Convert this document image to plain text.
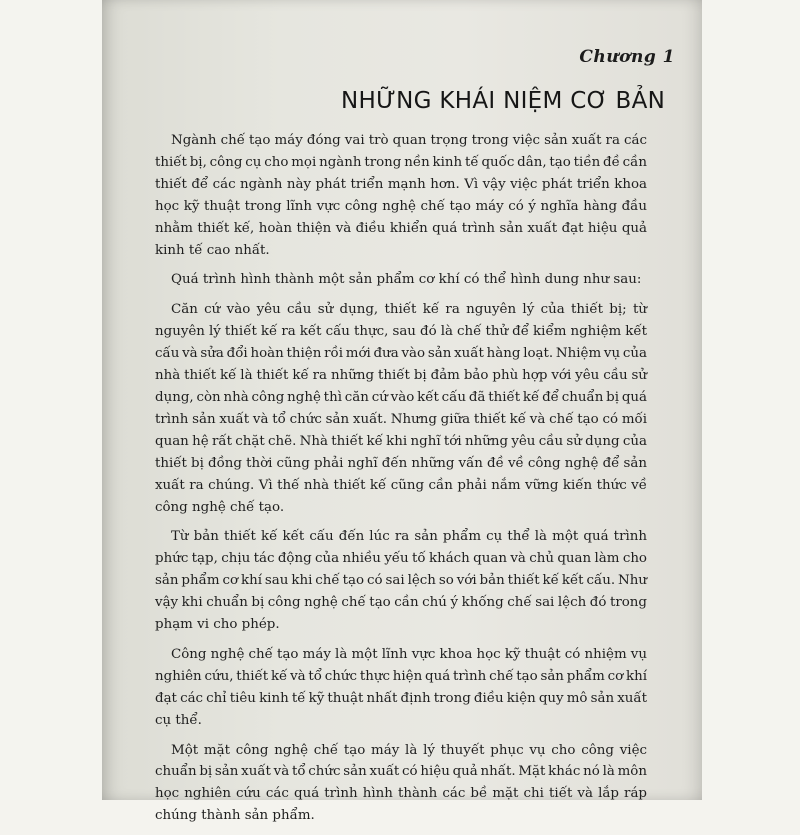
Chương 1
NHỮNG KHÁI NIỆM CƠ BẢN
Ngành chế tạo máy đóng vai trò quan trọng trong việc sản xuất ra các
thiết bị, công cụ cho mọi ngành trong nền kinh tế quốc dân, tạo tiền đề cần
thiết để các ngành này phát triển mạnh hơn. Vì vậy việc phát triển khoa
học kỹ thuật trong lĩnh vực công nghệ chế tạo máy có ý nghĩa hàng đầu
nhằm thiết kế, hoàn thiện và điều khiển quá trình sản xuất đạt hiệu quả
kinh tế cao nhất.
Quá trình hình thành một sản phẩm cơ khí có thể hình dung như sau:
Căn cứ vào yêu cầu sử dụng, thiết kế ra nguyên lý của thiết bị; từ
nguyên lý thiết kế ra kết cấu thực, sau đó là chế thử để kiểm nghiệm kết
cấu và sửa đổi hoàn thiện rồi mới đưa vào sản xuất hàng loạt. Nhiệm vụ của
nhà thiết kế là thiết kế ra những thiết bị đảm bảo phù hợp với yêu cầu sử
dụng, còn nhà công nghệ thì căn cứ vào kết cấu đã thiết kế để chuẩn bị quá
trình sản xuất và tổ chức sản xuất. Nhưng giữa thiết kế và chế tạo có mối
quan hệ rất chặt chẽ. Nhà thiết kế khi nghĩ tới những yêu cầu sử dụng của
thiết bị đồng thời cũng phải nghĩ đến những vấn đề về công nghệ để sản
xuất ra chúng. Vì thế nhà thiết kế cũng cần phải nắm vững kiến thức về
công nghệ chế tạo.
Từ bản thiết kế kết cấu đến lúc ra sản phẩm cụ thể là một quá trình
phức tạp, chịu tác động của nhiều yếu tố khách quan và chủ quan làm cho
sản phẩm cơ khí sau khi chế tạo có sai lệch so với bản thiết kế kết cấu. Như
vậy khi chuẩn bị công nghệ chế tạo cần chú ý khống chế sai lệch đó trong
phạm vi cho phép.
Công nghệ chế tạo máy là một lĩnh vực khoa học kỹ thuật có nhiệm vụ
nghiên cứu, thiết kế và tổ chức thực hiện quá trình chế tạo sản phẩm cơ khí
đạt các chỉ tiêu kinh tế kỹ thuật nhất định trong điều kiện quy mô sản xuất
cụ thể.
Một mặt công nghệ chế tạo máy là lý thuyết phục vụ cho công việc
chuẩn bị sản xuất và tổ chức sản xuất có hiệu quả nhất. Mặt khác nó là môn
học nghiên cứu các quá trình hình thành các bề mặt chi tiết và lắp ráp
chúng thành sản phẩm.
